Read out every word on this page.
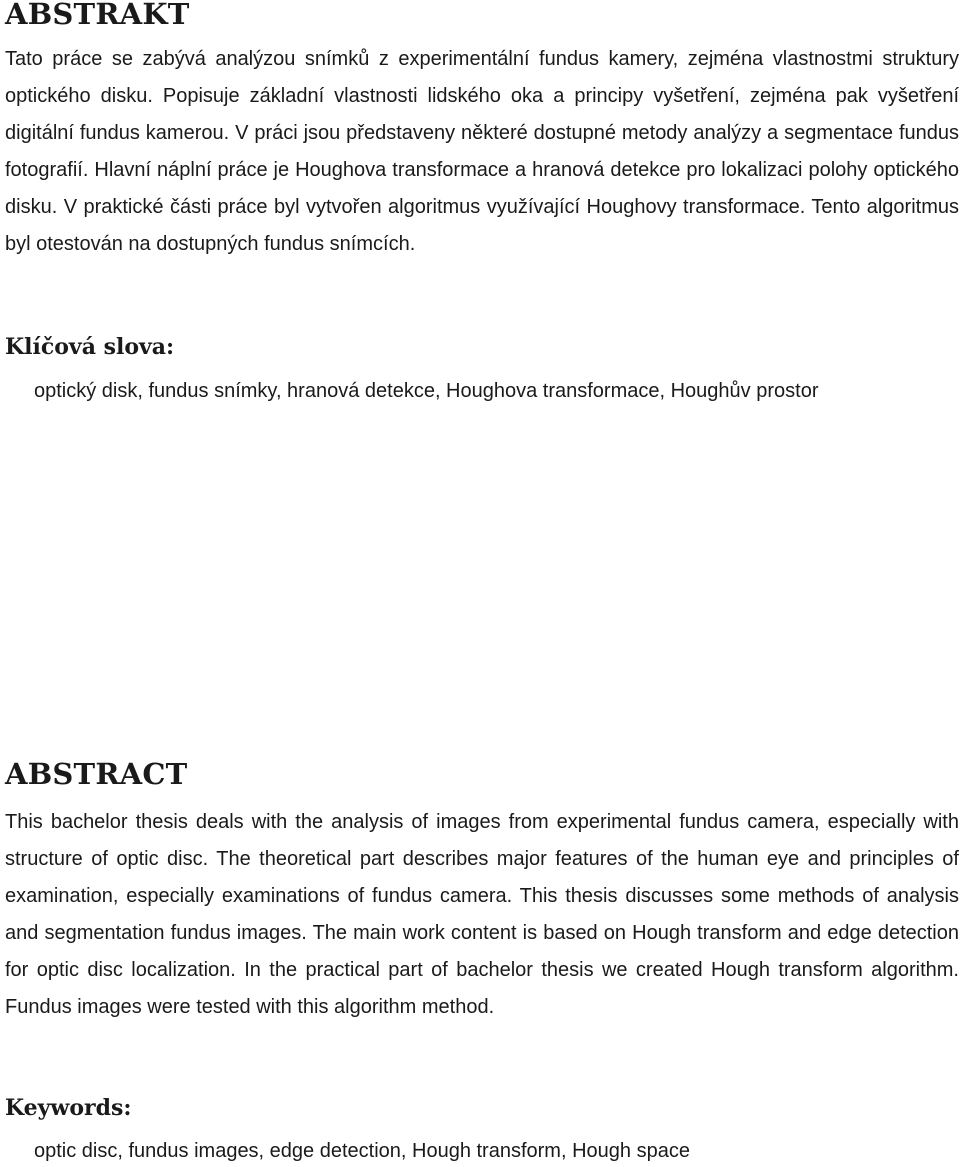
ABSTRAKT

Tato práce se zabývá analýzou snímků z experimentální fundus kamery, zejména vlastnostmi struktury optického disku. Popisuje základní vlastnosti lidského oka a principy vyšetření, zejména pak vyšetření digitální fundus kamerou. V práci jsou představeny některé dostupné metody analýzy a segmentace fundus fotografií. Hlavní náplní práce je Houghova transformace a hranová detekce pro lokalizaci polohy optického disku. V praktické části práce byl vytvořen algoritmus využívající Houghovy transformace. Tento algoritmus byl otestován na dostupných fundus snímcích.

Klíčová slova:

optický disk, fundus snímky, hranová detekce, Houghova transformace, Houghův prostor

ABSTRACT

This bachelor thesis deals with the analysis of images from experimental fundus camera, especially with structure of optic disc. The theoretical part describes major features of the human eye and principles of examination, especially examinations of fundus camera. This thesis discusses some methods of analysis and segmentation fundus images. The main work content is based on Hough transform and edge detection for optic disc localization. In the practical part of bachelor thesis we created Hough transform algorithm. Fundus images were tested with this algorithm method.

Keywords:

optic disc, fundus images, edge detection, Hough transform, Hough space
